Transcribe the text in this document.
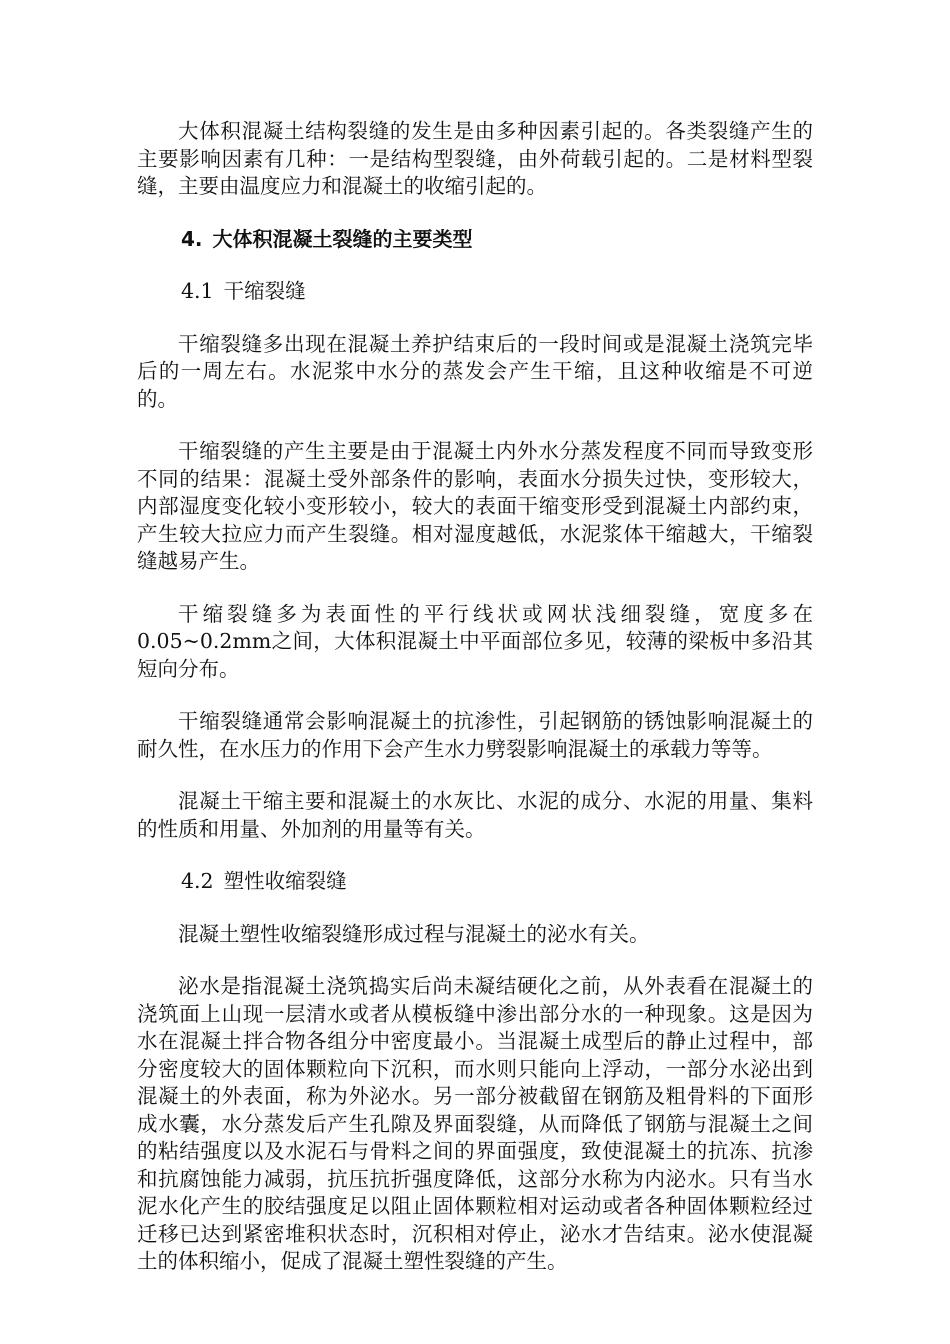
大体积混凝土结构裂缝的发生是由多种因素引起的。各类裂缝产生的主要影响因素有几种：一是结构型裂缝，由外荷载引起的。二是材料型裂缝，主要由温度应力和混凝土的收缩引起的。

4. 大体积混凝土裂缝的主要类型
4.1 干缩裂缝

干缩裂缝多出现在混凝土养护结束后的一段时间或是混凝土浇筑完毕后的一周左右。水泥浆中水分的蒸发会产生干缩，且这种收缩是不可逆的。

干缩裂缝的产生主要是由于混凝土内外水分蒸发程度不同而导致变形不同的结果：混凝土受外部条件的影响，表面水分损失过快，变形较大，内部湿度变化较小变形较小，较大的表面干缩变形受到混凝土内部约束，产生较大拉应力而产生裂缝。相对湿度越低，水泥浆体干缩越大，干缩裂缝越易产生。

干缩裂缝多为表面性的平行线状或网状浅细裂缝，宽度多在0.05~0.2mm之间，大体积混凝土中平面部位多见，较薄的梁板中多沿其短向分布。

干缩裂缝通常会影响混凝土的抗渗性，引起钢筋的锈蚀影响混凝土的耐久性，在水压力的作用下会产生水力劈裂影响混凝土的承载力等等。

混凝土干缩主要和混凝土的水灰比、水泥的成分、水泥的用量、集料的性质和用量、外加剂的用量等有关。

4.2 塑性收缩裂缝

混凝土塑性收缩裂缝形成过程与混凝土的泌水有关。

泌水是指混凝土浇筑捣实后尚未凝结硬化之前，从外表看在混凝土的浇筑面上山现一层清水或者从模板缝中渗出部分水的一种现象。这是因为水在混凝土拌合物各组分中密度最小。当混凝土成型后的静止过程中，部分密度较大的固体颗粒向下沉积，而水则只能向上浮动，一部分水泌出到混凝土的外表面，称为外泌水。另一部分被截留在钢筋及粗骨料的下面形成水囊，水分蒸发后产生孔隙及界面裂缝，从而降低了钢筋与混凝土之间的粘结强度以及水泥石与骨料之间的界面强度，致使混凝土的抗冻、抗渗和抗腐蚀能力减弱，抗压抗折强度降低，这部分水称为内泌水。只有当水泥水化产生的胶结强度足以阻止固体颗粒相对运动或者各种固体颗粒经过迁移已达到紧密堆积状态时，沉积相对停止，泌水才告结束。泌水使混凝土的体积缩小，促成了混凝土塑性裂缝的产生。
